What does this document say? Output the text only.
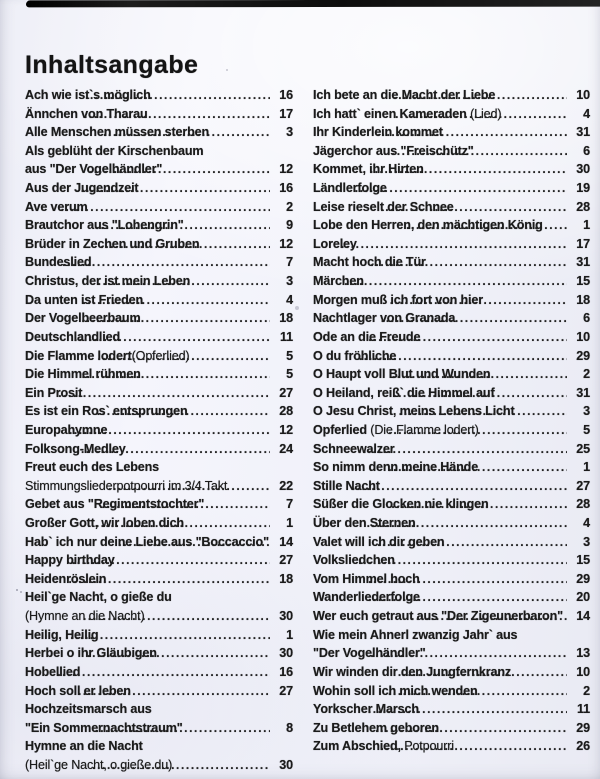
Inhaltsangabe
Ach wie ist`s möglich .....	16
Ännchen von Tharau .....	17
Alle Menschen müssen sterben .....	3
Als geblüht der Kirschenbaum
aus "Der Vogelhändler" .....	12
Aus der Jugendzeit .....	16
Ave verum .....	2
Brautchor aus "Lohengrin" .....	9
Brüder in Zechen und Gruben .....	12
Bundeslied .....	7
Christus, der ist mein Leben .....	3
Da unten ist Frieden .....	4
Der Vogelbeerbaum .....	18
Deutschlandlied .....	11
Die Flamme lodert(Opferlied) .....	5
Die Himmel rühmen .....	5
Ein Prosit .....	27
Es ist ein Ros` entsprungen .....	28
Europahymne .....	12
Folksong-Medley .....	24
Freut euch des Lebens
Stimmungsliederpotpourri im 3/4 Takt .....	22
Gebet aus "Regimentstochter" .....	7
Großer Gott, wir loben dich .....	1
Hab` ich nur deine Liebe aus "Boccaccio" ..... 14
Happy birthday .....	27
Heidenröslein .....	18
Heil`ge Nacht, o gieße du
(Hymne an die Nacht) .....	30
Heilig, Heilig .....	1
Herbei o ihr Gläubigen .....	30
Hobellied .....	16
Hoch soll er leben .....	27
Hochzeitsmarsch aus
"Ein Sommernachtstraum" .....	8
Hymne an die Nacht
(Heil`ge Nacht, o gieße du) .....	30
Ich bete an die Macht der Liebe .....	10
Ich hatt` einen Kameraden (Lied) .....	4
Ihr Kinderlein kommet .....	31
Jägerchor aus "Freischütz" .....	6
Kommet, ihr Hirten .....	30
Ländlerfolge .....	19
Leise rieselt der Schnee .....	28
Lobe den Herren, den mächtigen König .....	1
Loreley .....	17
Macht hoch die Tür .....	31
Märchen .....	15
Morgen muß ich fort von hier .....	18
Nachtlager von Granada .....	6
Ode an die Freude .....	10
O du fröhliche .....	29
O Haupt voll Blut und Wunden .....	2
O Heiland, reiß` die Himmel auf .....	31
O Jesu Christ, meins Lebens Licht .....	3
Opferlied (Die Flamme lodert) .....	5
Schneewalzer .....	25
So nimm denn meine Hände .....	1
Stille Nacht .....	27
Süßer die Glocken nie klingen .....	28
Über den Sternen .....	4
Valet will ich dir geben .....	3
Volksliedchen .....	15
Vom Himmel hoch .....	29
Wanderliederfolge .....	20
Wer euch getraut aus "Der Zigeunerbaron" .....	14
Wie mein Ahnerl zwanzig Jahr` aus
"Der Vogelhändler" .....	13
Wir winden dir den Jungfernkranz .....	10
Wohin soll ich mich wenden .....	2
Yorkscher Marsch .....	11
Zu Betlehem geboren .....	29
Zum Abschied, Potpourri .....	26
